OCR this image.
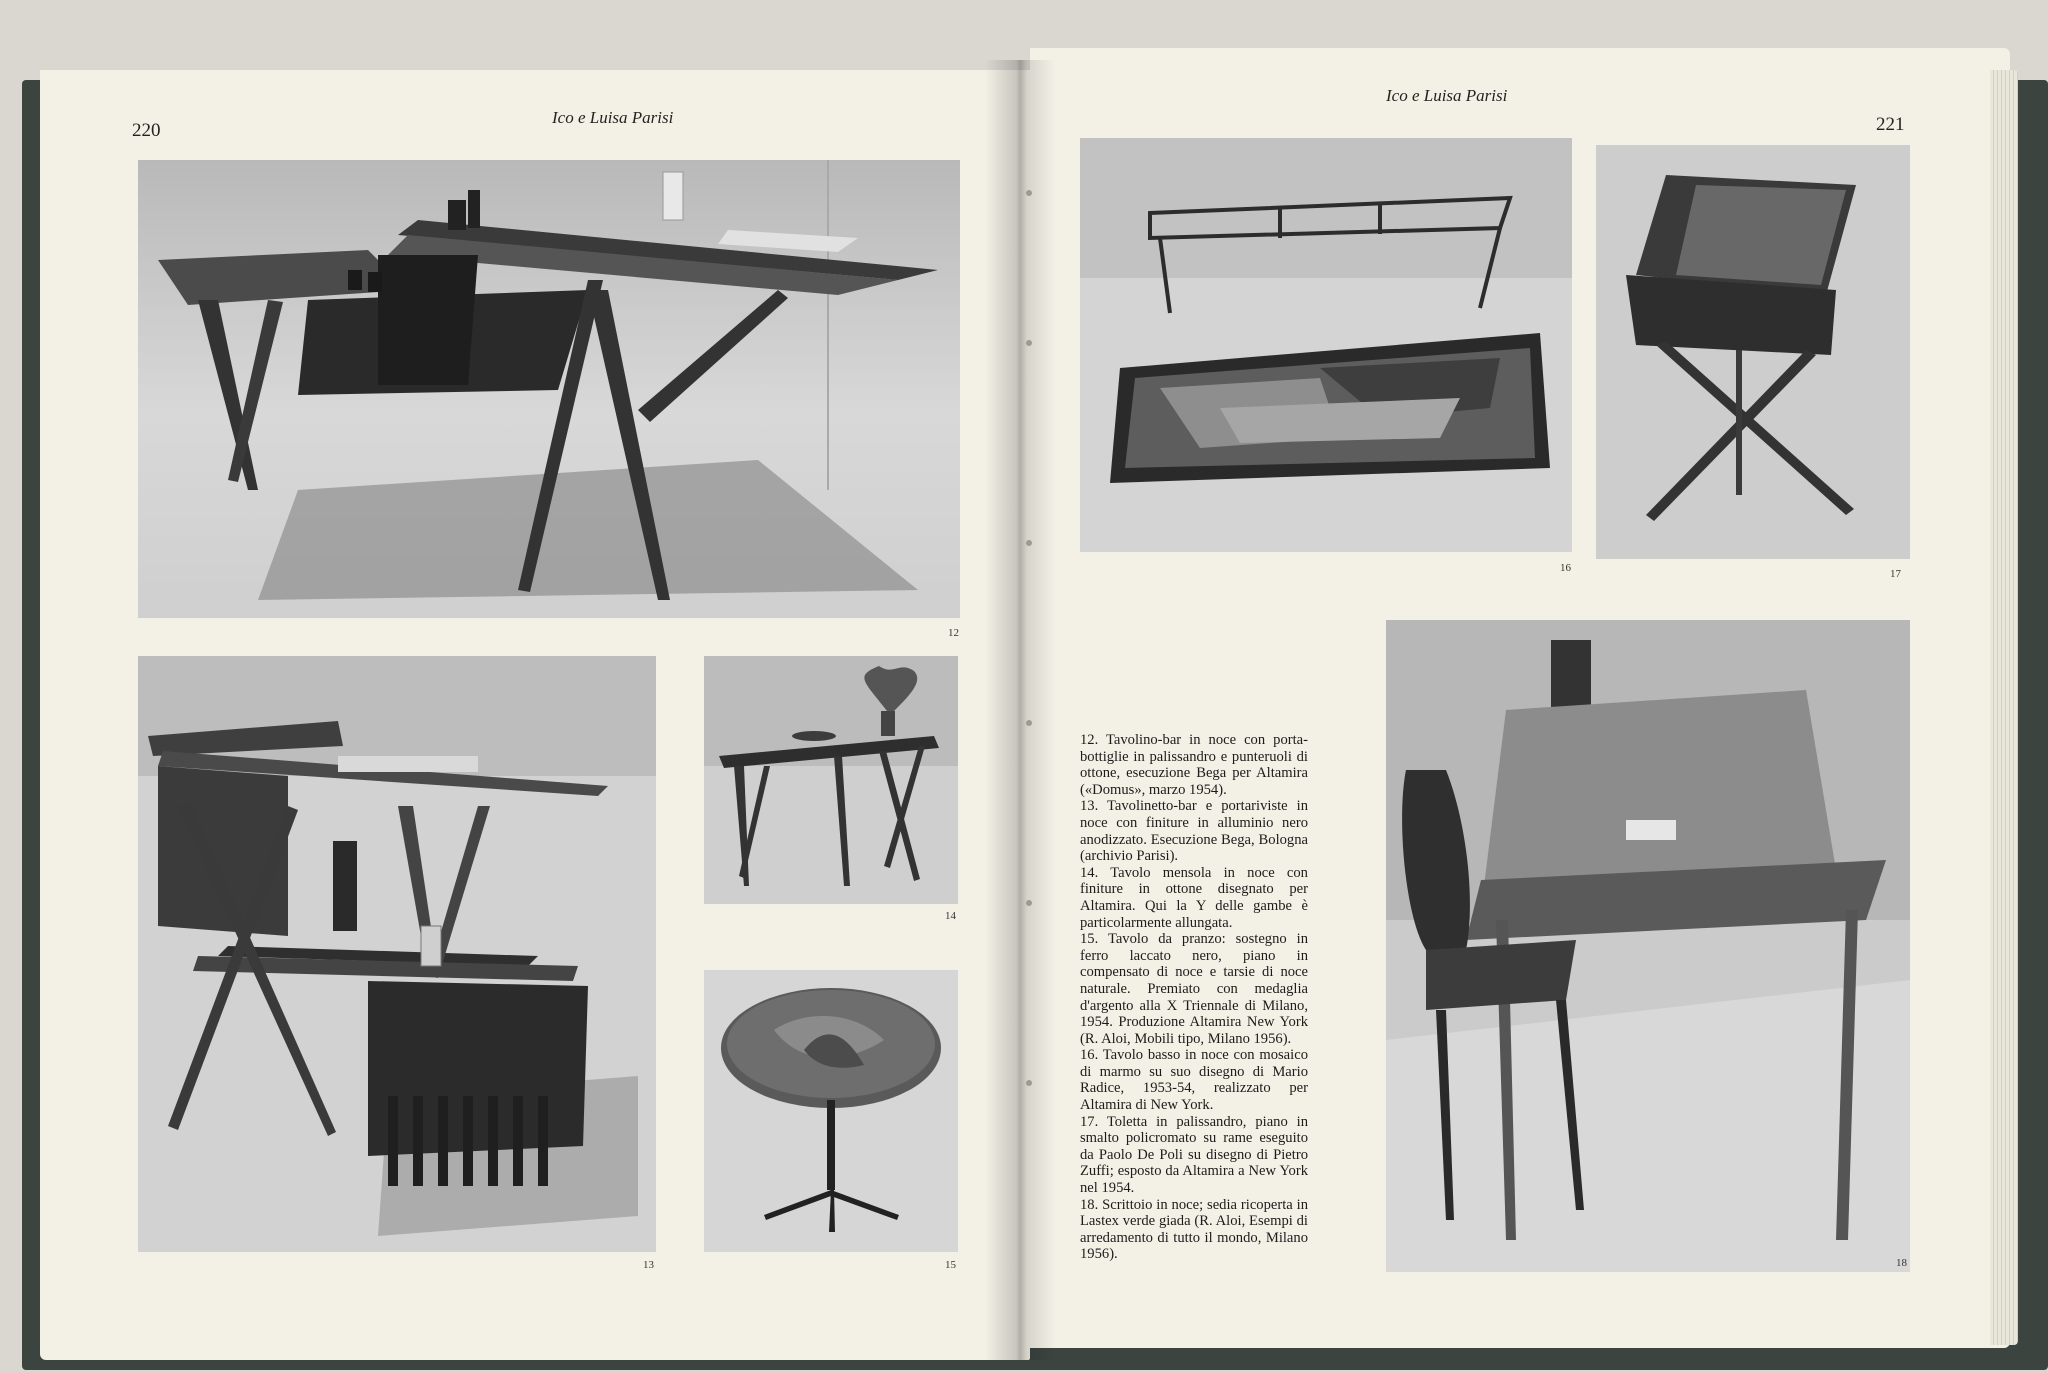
220
Ico e Luisa Parisi
12
13
14
15
Ico e Luisa Parisi
221
16	17
18

12. Tavolino-bar in noce con porta-bottiglie in palissandro e punteruoli di ottone, esecuzione Bega per Altamira («Domus», marzo 1954).

13. Tavolinetto-bar e portariviste in noce con finiture in alluminio nero anodizzato. Esecuzione Bega, Bologna (archivio Parisi).

14. Tavolo mensola in noce con finiture in ottone disegnato per Altamira. Qui la Y delle gambe è particolarmente allungata.

15. Tavolo da pranzo: sostegno in ferro laccato nero, piano in compensato di noce e tarsie di noce naturale. Premiato con medaglia d'argento alla X Triennale di Milano, 1954. Produzione Altamira New York (R. Aloi, Mobili tipo, Milano 1956).

16. Tavolo basso in noce con mosaico di marmo su suo disegno di Mario Radice, 1953-54, realizzato per Altamira di New York.

17. Toletta in palissandro, piano in smalto policromato su rame eseguito da Paolo De Poli su disegno di Pietro Zuffi; esposto da Altamira a New York nel 1954.

18. Scrittoio in noce; sedia ricoperta in Lastex verde giada (R. Aloi, Esempi di arredamento di tutto il mondo, Milano 1956).
